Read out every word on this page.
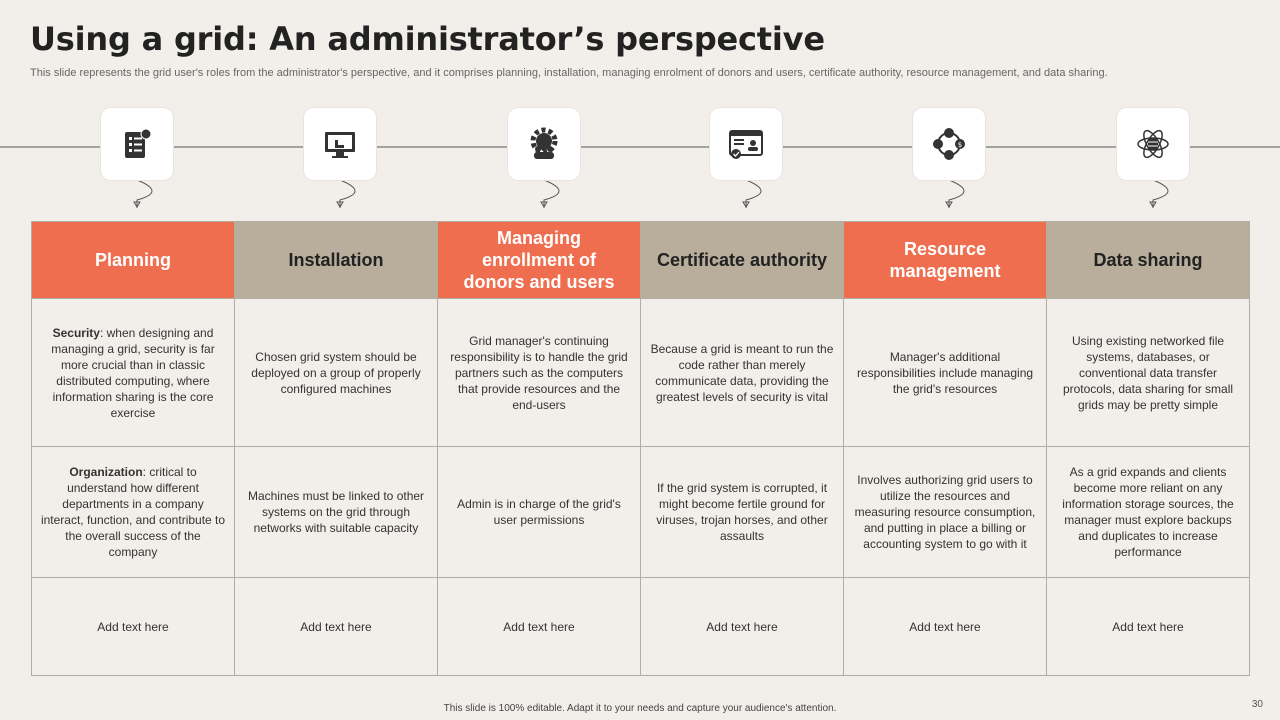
Using a grid: An administrator’s perspective
This slide represents the grid user's roles from the administrator's perspective, and it comprises planning, installation, managing enrolment of donors and users, certificate authority, resource management, and data sharing.
$
Planning	Installation	Managing enrollment of donors and users	Certificate authority	Resource management	Data sharing
Security: when designing and managing a grid, security is far more crucial than in classic distributed computing, where information sharing is the core exercise	Chosen grid system should be deployed on a group of properly configured machines	Grid manager's continuing responsibility is to handle the grid partners such as the computers that provide resources and the end-users	Because a grid is meant to run the code rather than merely communicate data, providing the greatest levels of security is vital	Manager's additional responsibilities include managing the grid's resources	Using existing networked file systems, databases, or conventional data transfer protocols, data sharing for small grids may be pretty simple
Organization: critical to understand how different departments in a company interact, function, and contribute to the overall success of the company	Machines must be linked to other systems on the grid through networks with suitable capacity	Admin is in charge of the grid's user permissions	If the grid system is corrupted, it might become fertile ground for viruses, trojan horses, and other assaults	Involves authorizing grid users to utilize the resources and measuring resource consumption, and putting in place a billing or accounting system to go with it	As a grid expands and clients become more reliant on any information storage sources, the manager must explore backups and duplicates to increase performance
Add text here	Add text here	Add text here	Add text here	Add text here	Add text here
This slide is 100% editable. Adapt it to your needs and capture your audience's attention.	30
